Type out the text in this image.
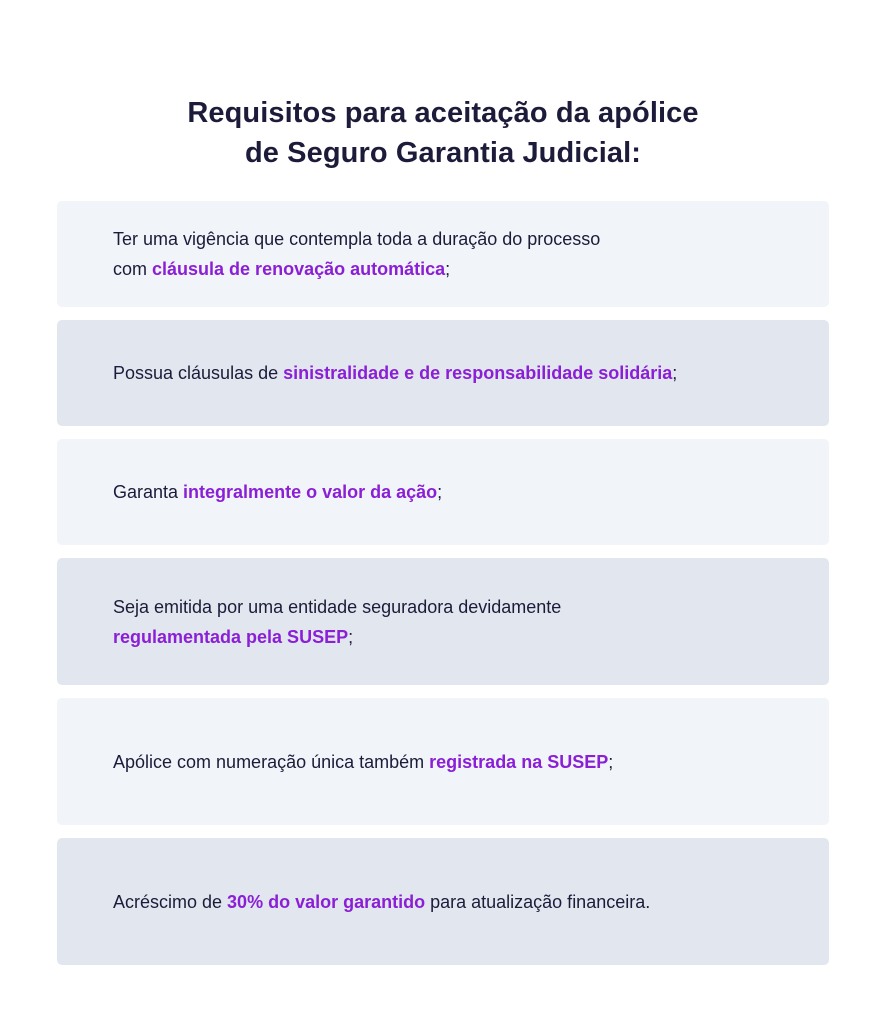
Requisitos para aceitação da apólice
de Seguro Garantia Judicial:
Ter uma vigência que contempla toda a duração do processo
com cláusula de renovação automática;
Possua cláusulas de sinistralidade e de responsabilidade solidária;
Garanta integralmente o valor da ação;
Seja emitida por uma entidade seguradora devidamente
regulamentada pela SUSEP;
Apólice com numeração única também registrada na SUSEP;
Acréscimo de 30% do valor garantido para atualização financeira.
